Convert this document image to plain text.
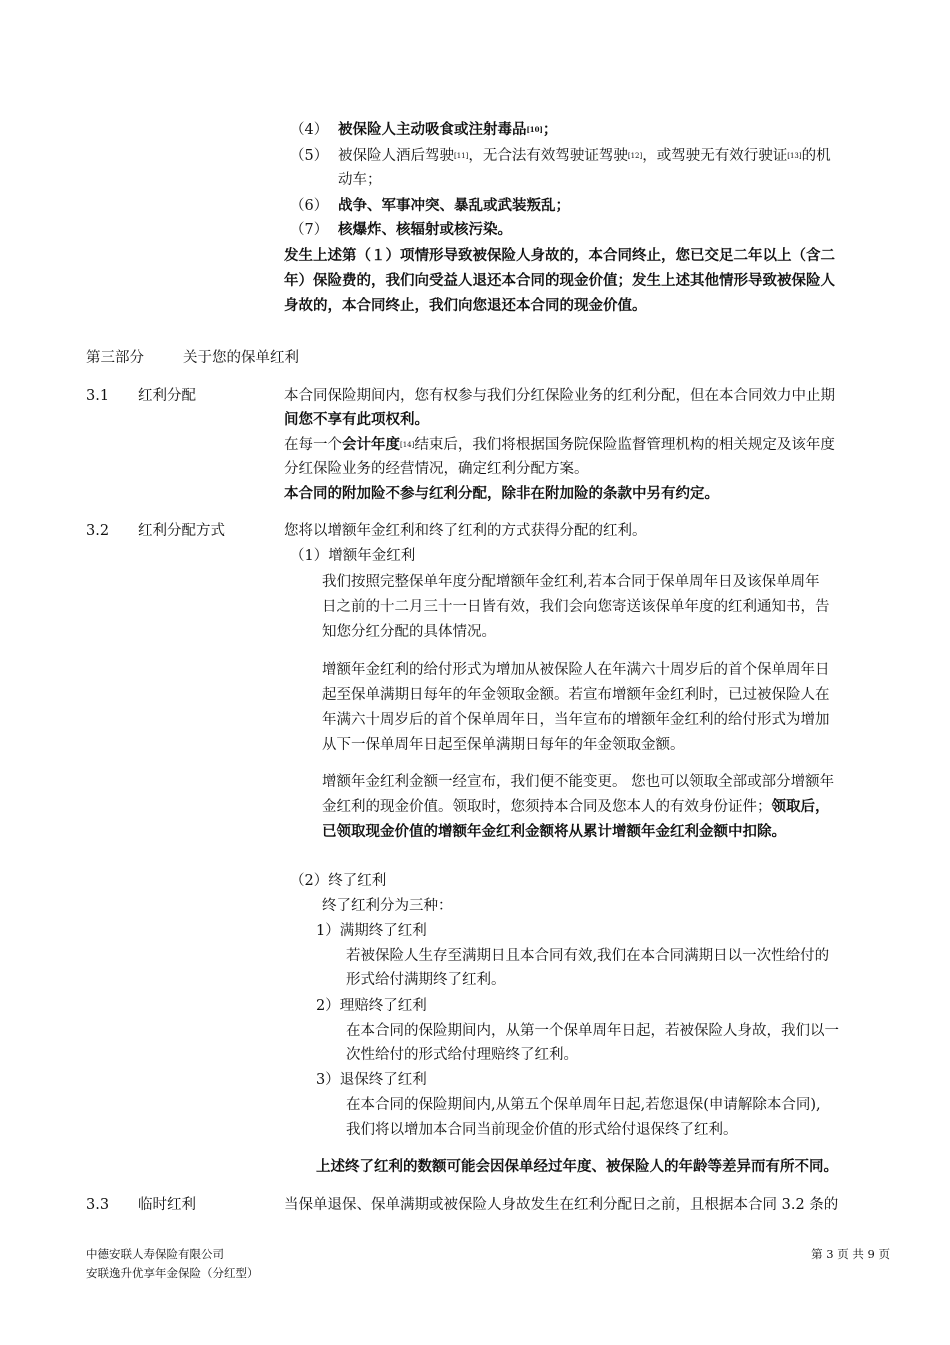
（4） 被保险人主动吸食或注射毒品[10]；
（5） 被保险人酒后驾驶[11]，无合法有效驾驶证驾驶[12]，或驾驶无有效行驶证[13]的机
动车；
（6） 战争、军事冲突、暴乱或武装叛乱；
（7） 核爆炸、核辐射或核污染。
发生上述第（１）项情形导致被保险人身故的，本合同终止，您已交足二年以上（含二
年）保险费的，我们向受益人退还本合同的现金价值；发生上述其他情形导致被保险人
身故的，本合同终止，我们向您退还本合同的现金价值。
第三部分	关于您的保单红利
3.1 红利分配	本合同保险期间内，您有权参与我们分红保险业务的红利分配，但在本合同效力中止期
间您不享有此项权利。
在每一个会计年度[14]结束后，我们将根据国务院保险监督管理机构的相关规定及该年度
分红保险业务的经营情况，确定红利分配方案。
本合同的附加险不参与红利分配，除非在附加险的条款中另有约定。
3.2 红利分配方式	您将以增额年金红利和终了红利的方式获得分配的红利。
（1）增额年金红利
我们按照完整保单年度分配增额年金红利,若本合同于保单周年日及该保单周年
日之前的十二月三十一日皆有效，我们会向您寄送该保单年度的红利通知书，告
知您分红分配的具体情况。
增额年金红利的给付形式为增加从被保险人在年满六十周岁后的首个保单周年日
起至保单满期日每年的年金领取金额。若宣布增额年金红利时，已过被保险人在
年满六十周岁后的首个保单周年日，当年宣布的增额年金红利的给付形式为增加
从下一保单周年日起至保单满期日每年的年金领取金额。
增额年金红利金额一经宣布，我们便不能变更。 您也可以领取全部或部分增额年
金红利的现金价值。领取时，您须持本合同及您本人的有效身份证件；领取后，
已领取现金价值的增额年金红利金额将从累计增额年金红利金额中扣除。
（2）终了红利
终了红利分为三种：
1）满期终了红利
若被保险人生存至满期日且本合同有效,我们在本合同满期日以一次性给付的
形式给付满期终了红利。
2）理赔终了红利
在本合同的保险期间内，从第一个保单周年日起，若被保险人身故，我们以一
次性给付的形式给付理赔终了红利。
3）退保终了红利
在本合同的保险期间内,从第五个保单周年日起,若您退保(申请解除本合同),
我们将以增加本合同当前现金价值的形式给付退保终了红利。
上述终了红利的数额可能会因保单经过年度、被保险人的年龄等差异而有所不同。
3.3 临时红利	当保单退保、保单满期或被保险人身故发生在红利分配日之前，且根据本合同 3.2 条的
中德安联人寿保险有限公司
安联逸升优享年金保险（分红型）
第 3 页 共 9 页
